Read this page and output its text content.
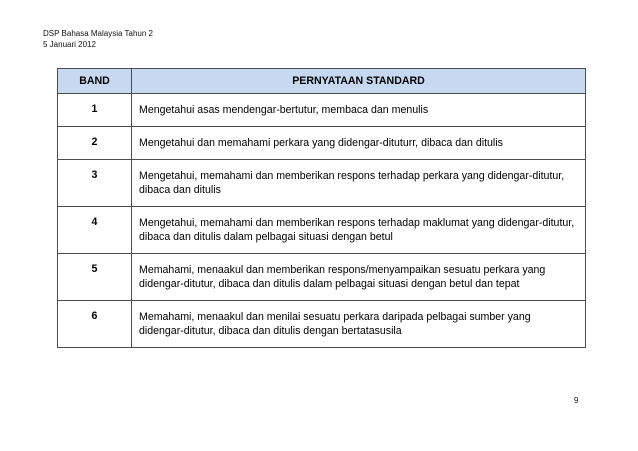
DSP Bahasa Malaysia Tahun 2
5 Januari 2012
BAND	PERNYATAAN STANDARD
1	Mengetahui asas mendengar-bertutur, membaca dan menulis
2	Mengetahui dan memahami perkara yang didengar-dituturr, dibaca dan ditulis
3	Mengetahui, memahami dan memberikan respons terhadap perkara yang didengar-ditutur, dibaca dan ditulis
4	Mengetahui, memahami dan memberikan respons terhadap maklumat yang didengar-ditutur, dibaca dan ditulis dalam pelbagai situasi dengan betul
5	Memahami, menaakul dan memberikan respons/menyampaikan sesuatu perkara yang didengar-ditutur, dibaca dan ditulis dalam pelbagai situasi dengan betul dan tepat
6	Memahami, menaakul dan menilai sesuatu perkara daripada pelbagai sumber yang didengar-ditutur, dibaca dan ditulis dengan bertatasusila
9
